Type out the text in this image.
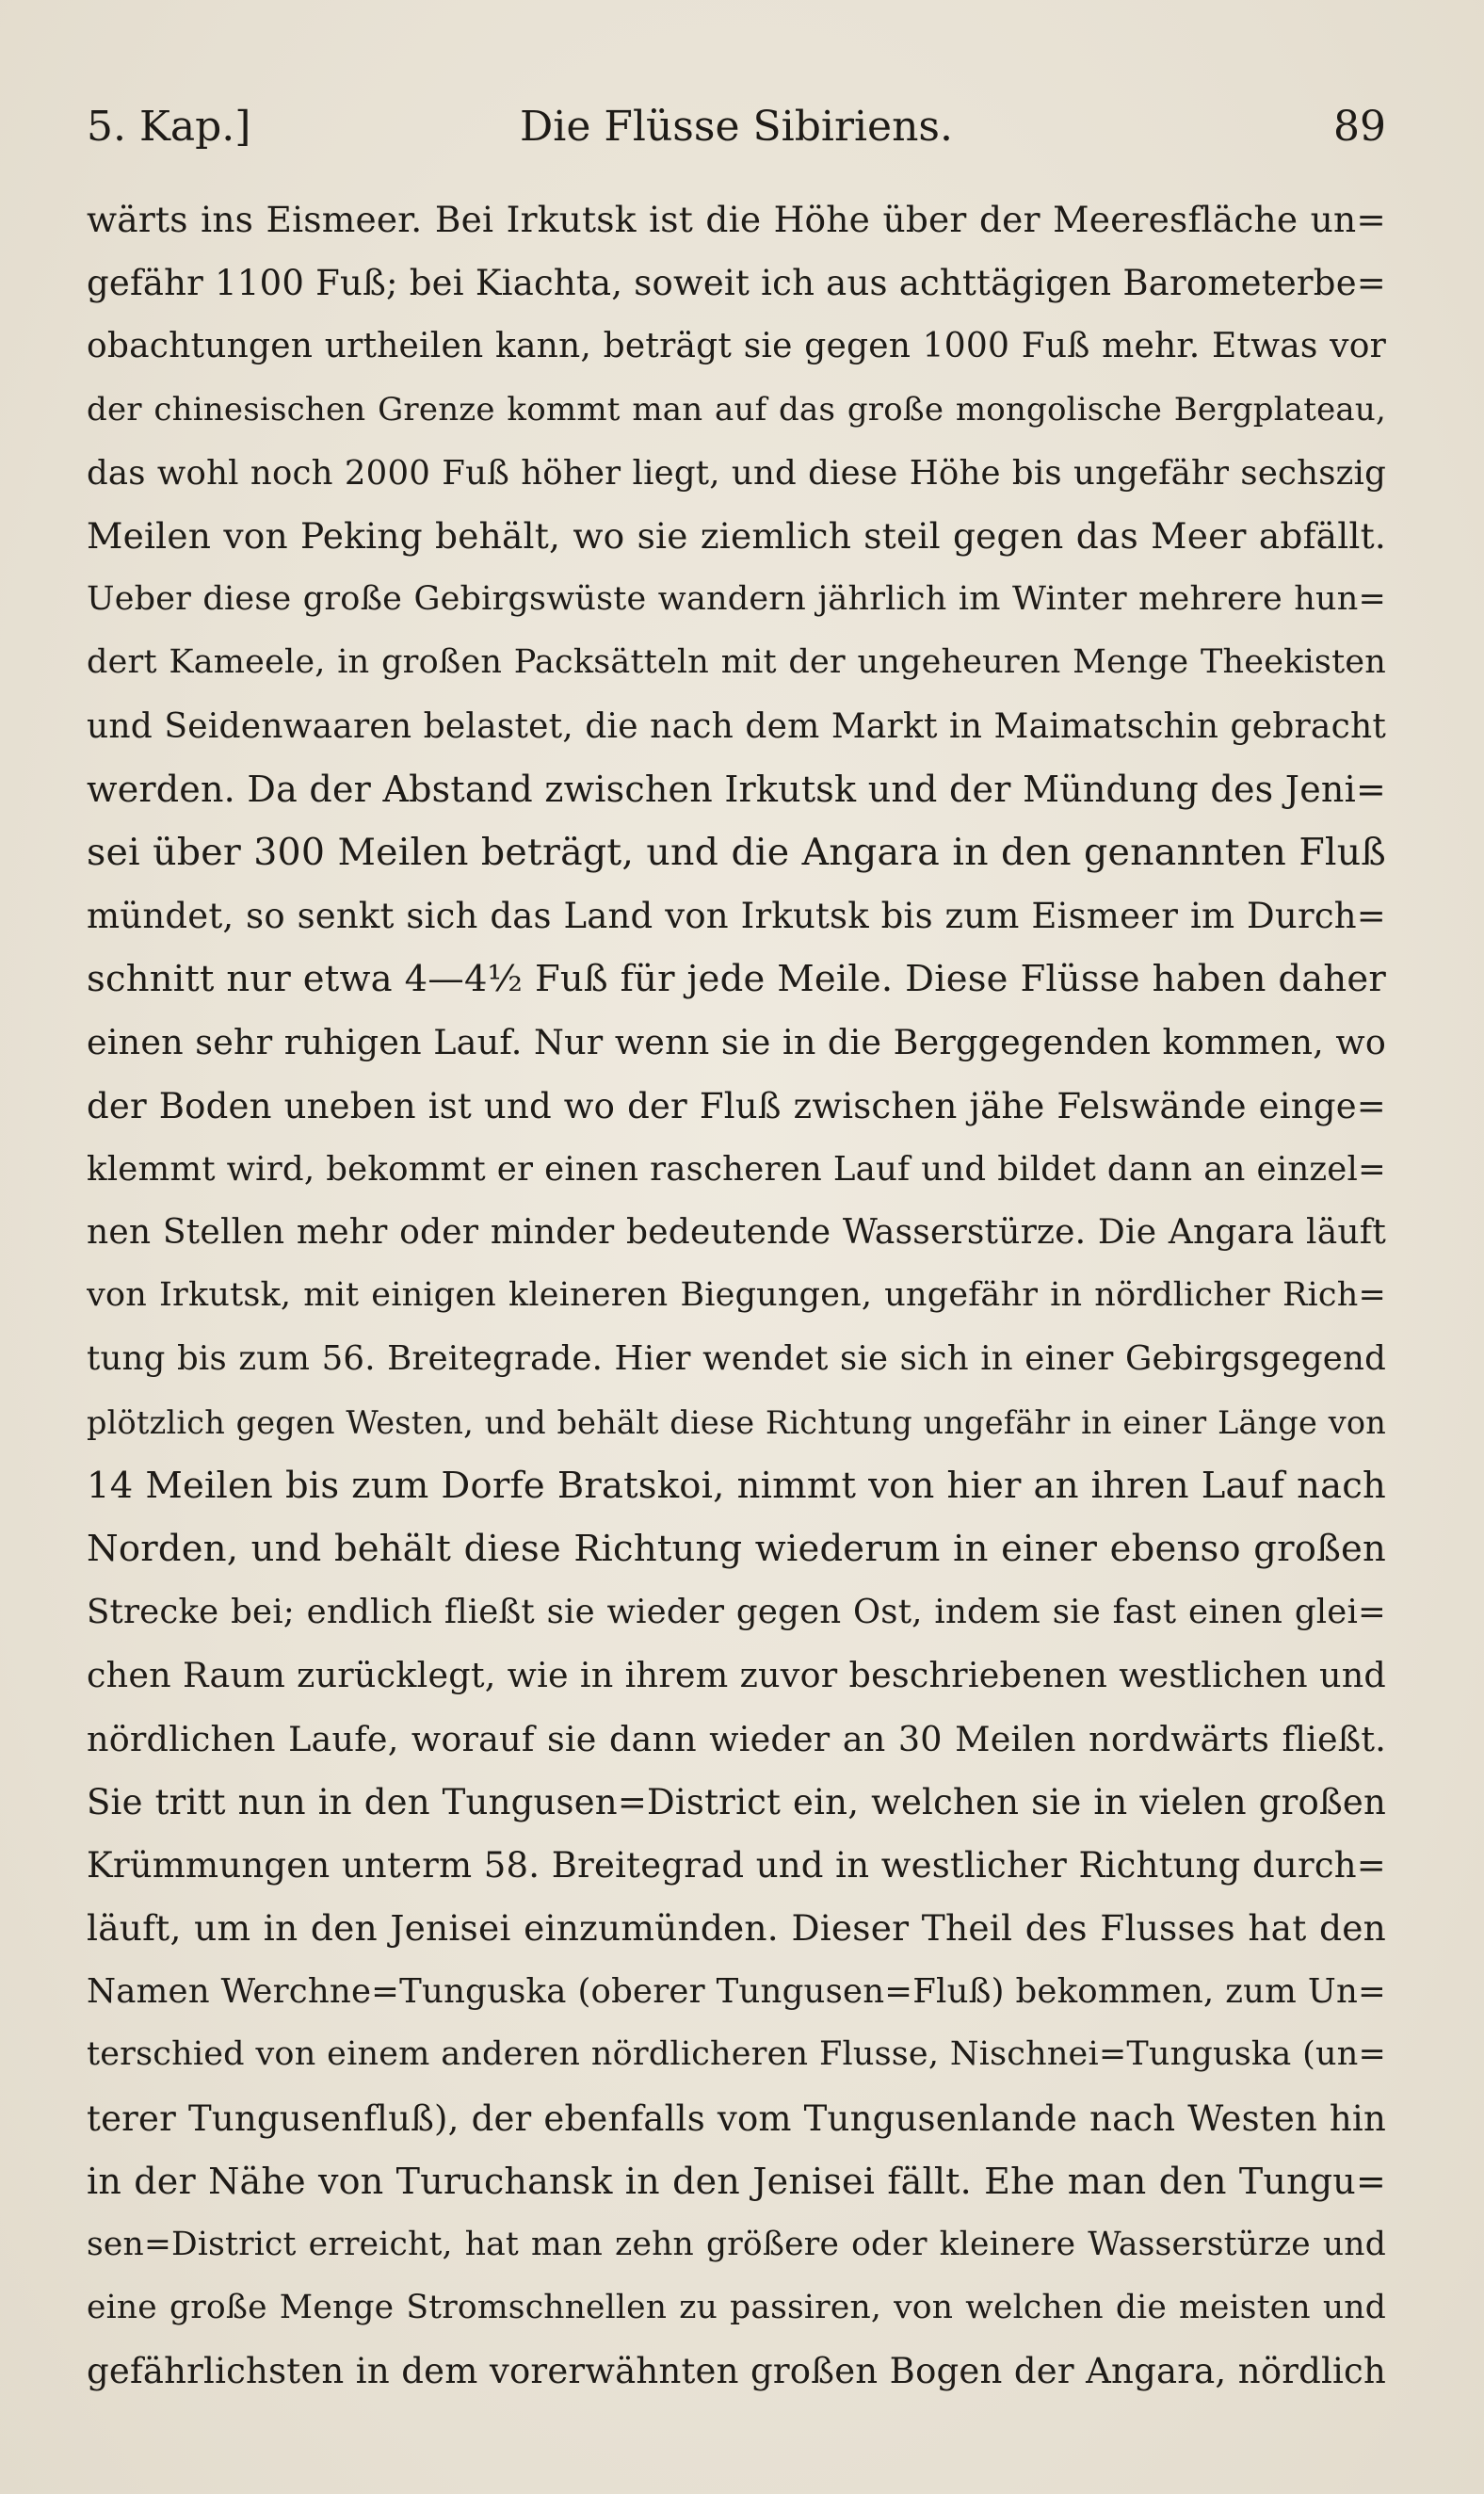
5. Kap.]	Die Flüsse Sibiriens.	89
wärts ins Eismeer. Bei Irkutsk ist die Höhe über der Meeresfläche un=
gefähr 1100 Fuß; bei Kiachta, soweit ich aus achttägigen Barometerbe=
obachtungen urtheilen kann, beträgt sie gegen 1000 Fuß mehr. Etwas vor
der chinesischen Grenze kommt man auf das große mongolische Bergplateau,
das wohl noch 2000 Fuß höher liegt, und diese Höhe bis ungefähr sechszig
Meilen von Peking behält, wo sie ziemlich steil gegen das Meer abfällt.
Ueber diese große Gebirgswüste wandern jährlich im Winter mehrere hun=
dert Kameele, in großen Packsätteln mit der ungeheuren Menge Theekisten
und Seidenwaaren belastet, die nach dem Markt in Maimatschin gebracht
werden. Da der Abstand zwischen Irkutsk und der Mündung des Jeni=
sei über 300 Meilen beträgt, und die Angara in den genannten Fluß
mündet, so senkt sich das Land von Irkutsk bis zum Eismeer im Durch=
schnitt nur etwa 4—4½ Fuß für jede Meile. Diese Flüsse haben daher
einen sehr ruhigen Lauf. Nur wenn sie in die Berggegenden kommen, wo
der Boden uneben ist und wo der Fluß zwischen jähe Felswände einge=
klemmt wird, bekommt er einen rascheren Lauf und bildet dann an einzel=
nen Stellen mehr oder minder bedeutende Wasserstürze. Die Angara läuft
von Irkutsk, mit einigen kleineren Biegungen, ungefähr in nördlicher Rich=
tung bis zum 56. Breitegrade. Hier wendet sie sich in einer Gebirgsgegend
plötzlich gegen Westen, und behält diese Richtung ungefähr in einer Länge von
14 Meilen bis zum Dorfe Bratskoi, nimmt von hier an ihren Lauf nach
Norden, und behält diese Richtung wiederum in einer ebenso großen
Strecke bei; endlich fließt sie wieder gegen Ost, indem sie fast einen glei=
chen Raum zurücklegt, wie in ihrem zuvor beschriebenen westlichen und
nördlichen Laufe, worauf sie dann wieder an 30 Meilen nordwärts fließt.
Sie tritt nun in den Tungusen=District ein, welchen sie in vielen großen
Krümmungen unterm 58. Breitegrad und in westlicher Richtung durch=
läuft, um in den Jenisei einzumünden. Dieser Theil des Flusses hat den
Namen Werchne=Tunguska (oberer Tungusen=Fluß) bekommen, zum Un=
terschied von einem anderen nördlicheren Flusse, Nischnei=Tunguska (un=
terer Tungusenfluß), der ebenfalls vom Tungusenlande nach Westen hin
in der Nähe von Turuchansk in den Jenisei fällt. Ehe man den Tungu=
sen=District erreicht, hat man zehn größere oder kleinere Wasserstürze und
eine große Menge Stromschnellen zu passiren, von welchen die meisten und
gefährlichsten in dem vorerwähnten großen Bogen der Angara, nördlich
